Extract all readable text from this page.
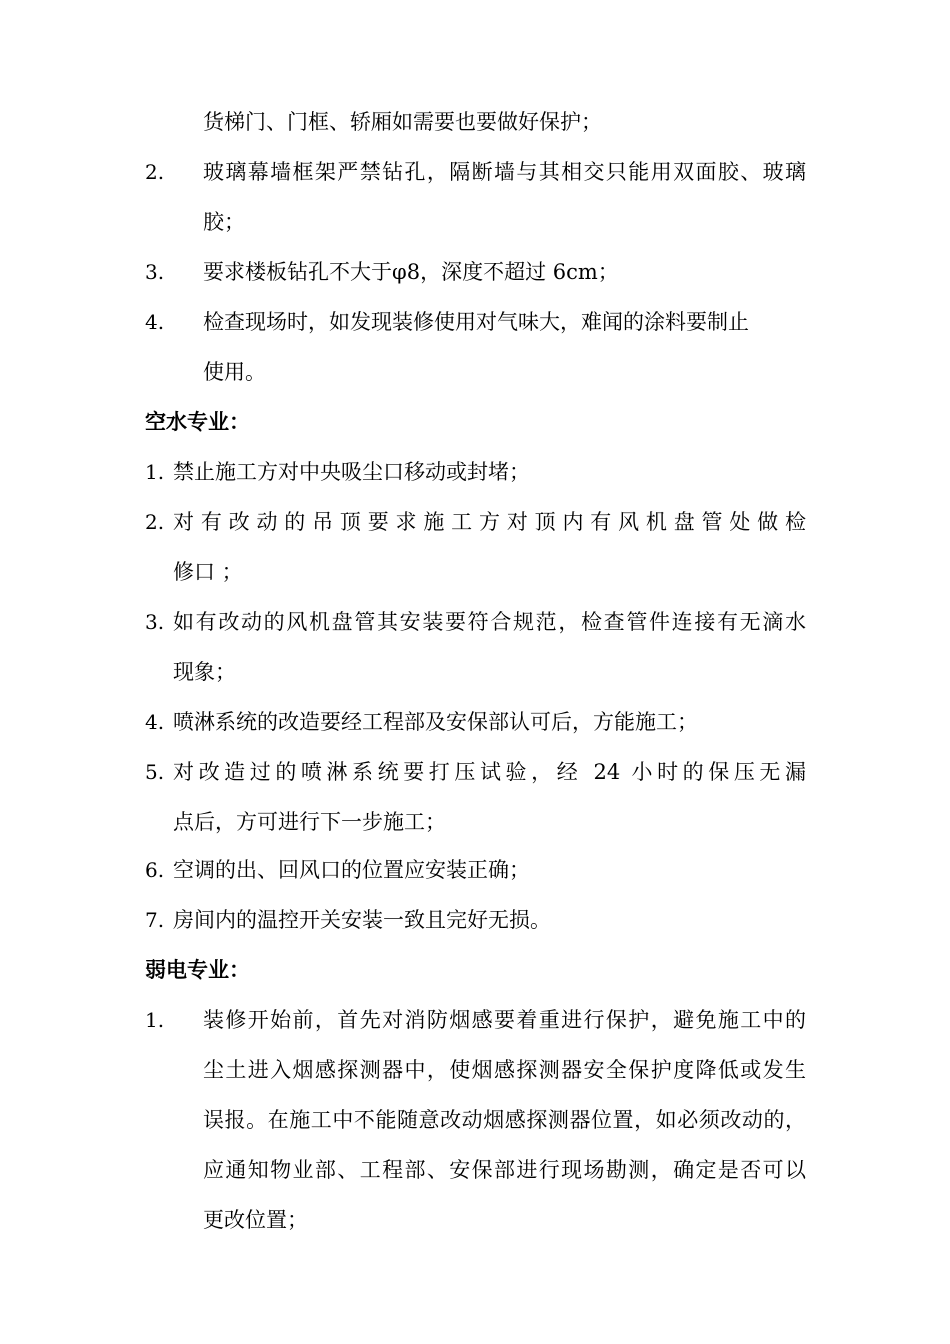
货梯门、门框、轿厢如需要也要做好保护；
2. 玻璃幕墙框架严禁钻孔，隔断墙与其相交只能用双面胶、玻璃
胶；
3. 要求楼板钻孔不大于φ8，深度不超过 6cm；
4. 检查现场时，如发现装修使用对气味大，难闻的涂料要制止
使用。
空水专业：
1. 禁止施工方对中央吸尘口移动或封堵；
2. 对有改动的吊顶要求施工方对顶内有风机盘管处做检
修口 ；
3. 如有改动的风机盘管其安装要符合规范，检查管件连接有无滴水
现象；
4. 喷淋系统的改造要经工程部及安保部认可后，方能施工；
5. 对改造过的喷淋系统要打压试验，经 24 小时的保压无漏
点后，方可进行下一步施工；
6. 空调的出、回风口的位置应安装正确；
7. 房间内的温控开关安装一致且完好无损。
弱电专业：
1. 装修开始前，首先对消防烟感要着重进行保护，避免施工中的
尘土进入烟感探测器中，使烟感探测器安全保护度降低或发生
误报。在施工中不能随意改动烟感探测器位置，如必须改动的，
应通知物业部、工程部、安保部进行现场勘测，确定是否可以
更改位置；
